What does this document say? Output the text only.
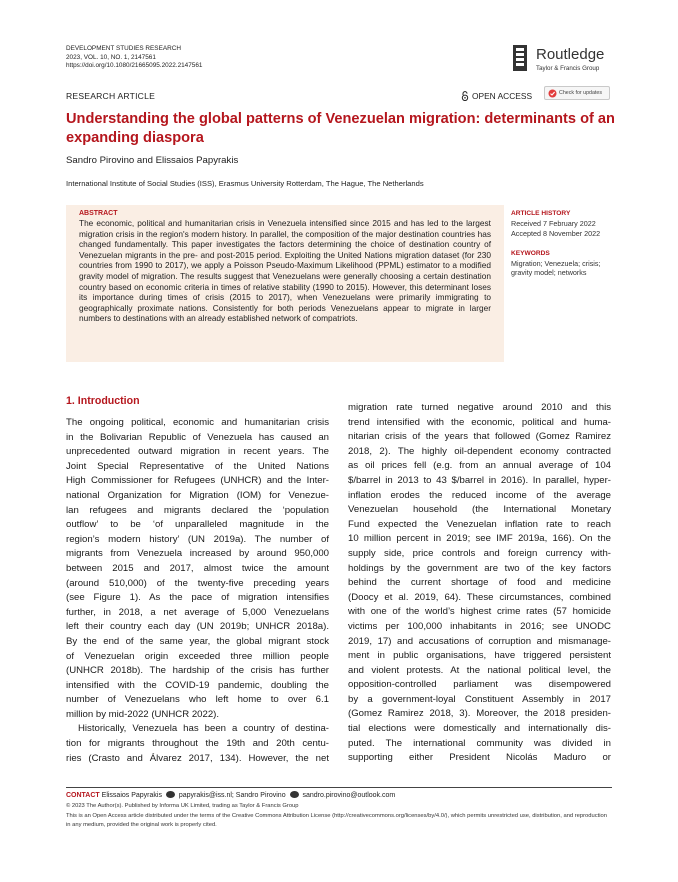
DEVELOPMENT STUDIES RESEARCH
2023, VOL. 10, NO. 1, 2147561
https://doi.org/10.1080/21665095.2022.2147561
Routledge
Taylor & Francis Group
RESEARCH ARTICLE	OPEN ACCESS	Check for updates
Understanding the global patterns of Venezuelan migration: determinants of an expanding diaspora
Sandro Pirovino and Elissaios Papyrakis
International Institute of Social Studies (ISS), Erasmus University Rotterdam, The Hague, The Netherlands
ABSTRACT
The economic, political and humanitarian crisis in Venezuela intensified since 2015 and has led to the largest migration crisis in the region's modern history. In parallel, the composition of the major destination countries has changed fundamentally. This paper investigates the factors determining the choice of destination country of Venezuelan migrants in the pre- and post-2015 period. Exploiting the United Nations migration dataset (for 230 countries from 1990 to 2017), we apply a Poisson Pseudo-Maximum Likelihood (PPML) estimator to a modified gravity model of migration. The results suggest that Venezuelans were generally choosing a certain destination country based on economic criteria in times of relative stability (1990 to 2015). However, this determinant loses its importance during times of crisis (2015 to 2017), when Venezuelans were primarily immigrating to geographically proximate nations. Consistently for both periods Venezuelans appear to migrate in larger numbers to destinations with an already established network of compatriots.
ARTICLE HISTORY
Received 7 February 2022
Accepted 8 November 2022
KEYWORDS
Migration; Venezuela; crisis;
gravity model; networks
1. Introduction
The ongoing political, economic and humanitarian crisis
in the Bolivarian Republic of Venezuela has caused an
unprecedented outward migration in recent years. The
Joint Special Representative of the United Nations
High Commissioner for Refugees (UNHCR) and the Inter-
national Organization for Migration (IOM) for Venezue-
lan refugees and migrants declared the ‘population
outflow’ to be ‘of unparalleled magnitude in the
region’s modern history’ (UN 2019a). The number of
migrants from Venezuela increased by around 950,000
between 2015 and 2017, almost twice the amount
(around 510,000) of the twenty-five preceding years
(see Figure 1). As the pace of migration intensifies
further, in 2018, a net average of 5,000 Venezuelans
left their country each day (UN 2019b; UNHCR 2018a).
By the end of the same year, the global migrant stock
of Venezuelan origin exceeded three million people
(UNHCR 2018b). The hardship of the crisis has further
intensified with the COVID-19 pandemic, doubling the
number of Venezuelans who left home to over 6.1
million by mid-2022 (UNHCR 2022).
Historically, Venezuela has been a country of destina-
tion for migrants throughout the 19th and 20th centu-
ries (Crasto and Álvarez 2017, 134). However, the net
migration rate turned negative around 2010 and this
trend intensified with the economic, political and huma-
nitarian crisis of the years that followed (Gomez Ramirez
2018, 2). The highly oil-dependent economy contracted
as oil prices fell (e.g. from an annual average of 104
$/barrel in 2013 to 43 $/barrel in 2016). In parallel, hyper-
inflation erodes the reduced income of the average
Venezuelan household (the International Monetary
Fund expected the Venezuelan inflation rate to reach
10 million percent in 2019; see IMF 2019a, 166). On the
supply side, price controls and foreign currency with-
holdings by the government are two of the key factors
behind the current shortage of food and medicine
(Doocy et al. 2019, 64). These circumstances, combined
with one of the world’s highest crime rates (57 homicide
victims per 100,000 inhabitants in 2016; see UNODC
2019, 17) and accusations of corruption and mismanage-
ment in public organisations, have triggered persistent
and violent protests. At the national political level, the
opposition-controlled parliament was disempowered
by a government-loyal Constituent Assembly in 2017
(Gomez Ramirez 2018, 3). Moreover, the 2018 presiden-
tial elections were domestically and internationally dis-
puted. The international community was divided in
supporting either President Nicolás Maduro or
CONTACT Elissaios Papyrakis papyrakis@iss.nl; Sandro Pirovino sandro.pirovino@outlook.com
© 2023 The Author(s). Published by Informa UK Limited, trading as Taylor & Francis Group
This is an Open Access article distributed under the terms of the Creative Commons Attribution License (http://creativecommons.org/licenses/by/4.0/), which permits unrestricted use, distribution, and reproduction in any medium, provided the original work is properly cited.
